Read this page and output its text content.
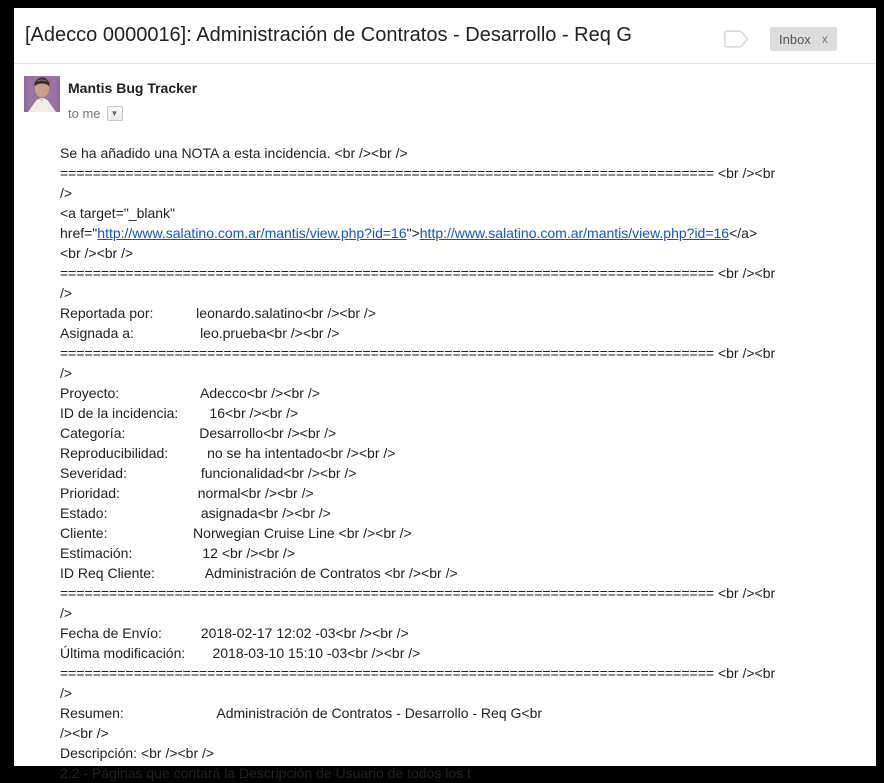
[Adecco 0000016]: Administración de Contratos - Desarrollo - Req G	Inbox x
Mantis Bug Tracker
to me	▼
Se ha añadido una NOTA a esta incidencia. <br /><br />
================================================================================ <br /><br
/>
<a target="_blank"
href="http://www.salatino.com.ar/mantis/view.php?id=16">http://www.salatino.com.ar/mantis/view.php?id=16</a>
<br /><br />
================================================================================ <br /><br
/>
Reportada por:           leonardo.salatino<br /><br />
Asignada a:                 leo.prueba<br /><br />
================================================================================ <br /><br
/>
Proyecto:                     Adecco<br /><br />
ID de la incidencia:        16<br /><br />
Categoría:                   Desarrollo<br /><br />
Reproducibilidad:          no se ha intentado<br /><br />
Severidad:                   funcionalidad<br /><br />
Prioridad:                    normal<br /><br />
Estado:                        asignada<br /><br />
Cliente:                      Norwegian Cruise Line <br /><br />
Estimación:                  12 <br /><br />
ID Req Cliente:             Administración de Contratos <br /><br />
================================================================================ <br /><br
/>
Fecha de Envío:          2018-02-17 12:02 -03<br /><br />
Última modificación:       2018-03-10 15:10 -03<br /><br />
================================================================================ <br /><br
/>
Resumen:                        Administración de Contratos - Desarrollo - Req G<br
/><br />
Descripción: <br /><br />
2.2 - Páginas que contará la Descripción de Usuario de todos los t
